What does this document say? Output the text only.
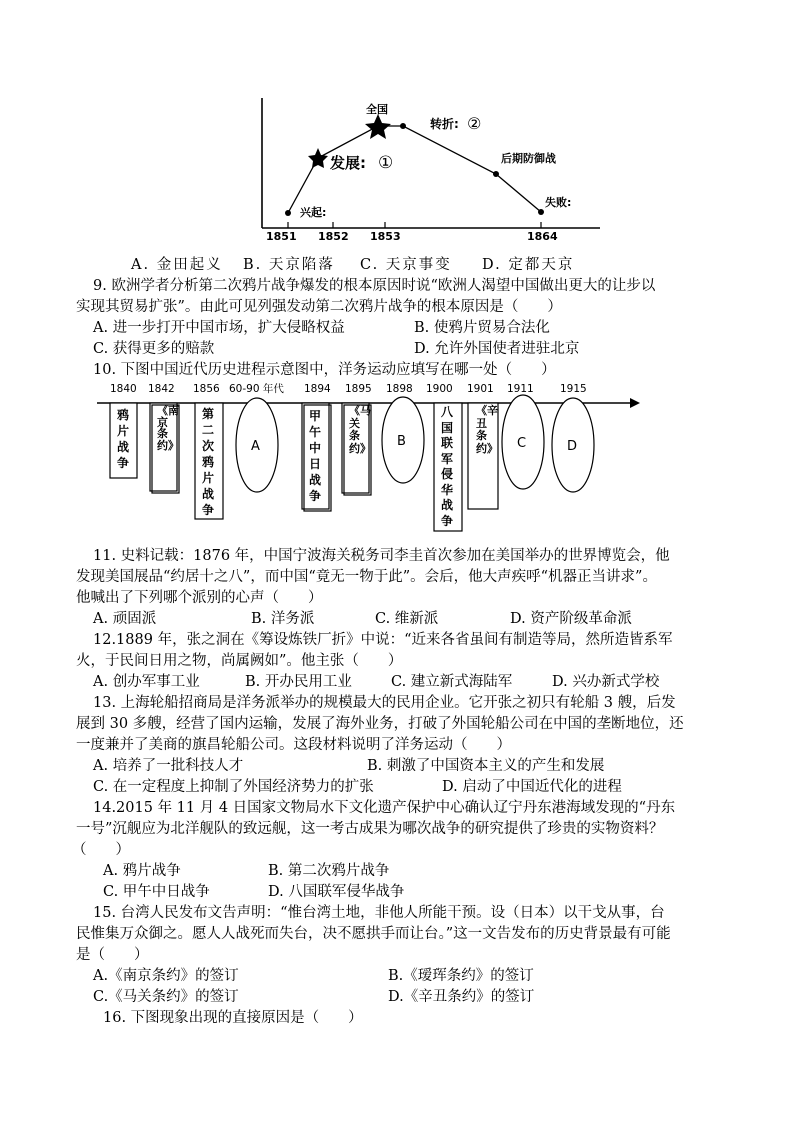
1851 1852 1853	1864
兴起:
发展: ①
全国
转折: ②
后期防御战
失败:
A. 金田起义 B. 天京陷落 C. 天京事变 D. 定都天京
9. 欧洲学者分析第二次鸦片战争爆发的根本原因时说“欧洲人渴望中国做出更大的让步以
实现其贸易扩张”。由此可见列强发动第二次鸦片战争的根本原因是（　　）
A. 进一步打开中国市场，扩大侵略权益	B. 使鸦片贸易合法化
C. 获得更多的赔款	D. 允许外国使者进驻北京
10. 下图中国近代历史进程示意图中，洋务运动应填写在哪一处（　　）
1840 1842 1856 60-90 年代 1894 1895 1898 1900 1901 1911	1915
A	B	C	D
鸦片战争
《南京条约》
第二次鸦片战争
甲午中日战争
《马关条约》
八国联军侵华战争
《辛丑条约》
11. 史料记载：1876 年，中国宁波海关税务司李圭首次参加在美国举办的世界博览会，他
发现美国展品“约居十之八”，而中国“竟无一物于此”。会后，他大声疾呼“机器正当讲求”。
他喊出了下列哪个派别的心声（　　）
A. 顽固派	B. 洋务派	C. 维新派	D. 资产阶级革命派
12.1889 年，张之洞在《筹设炼铁厂折》中说：“近来各省虽间有制造等局，然所造皆系军
火，于民间日用之物，尚属阙如”。他主张（　　）
A. 创办军事工业	B. 开办民用工业	C. 建立新式海陆军	D. 兴办新式学校
13. 上海轮船招商局是洋务派举办的规模最大的民用企业。它开张之初只有轮船 3 艘，后发
展到 30 多艘，经营了国内运输，发展了海外业务，打破了外国轮船公司在中国的垄断地位，还
一度兼并了美商的旗昌轮船公司。这段材料说明了洋务运动（　　）
A. 培养了一批科技人才	B. 刺激了中国资本主义的产生和发展
C. 在一定程度上抑制了外国经济势力的扩张	D. 启动了中国近代化的进程
14.2015 年 11 月 4 日国家文物局水下文化遗产保护中心确认辽宁丹东港海域发现的“丹东
一号”沉舰应为北洋舰队的致远舰，这一考古成果为哪次战争的研究提供了珍贵的实物资料？
（　　）
A. 鸦片战争	B. 第二次鸦片战争
C. 甲午中日战争	D. 八国联军侵华战争
15. 台湾人民发布文告声明：“惟台湾土地，非他人所能干预。设（日本）以干戈从事，台
民惟集万众御之。愿人人战死而失台，决不愿拱手而让台。”这一文告发布的历史背景最有可能
是（　　）
A.《南京条约》的签订	B.《瑷珲条约》的签订
C.《马关条约》的签订	D.《辛丑条约》的签订
16. 下图现象出现的直接原因是（　　）
